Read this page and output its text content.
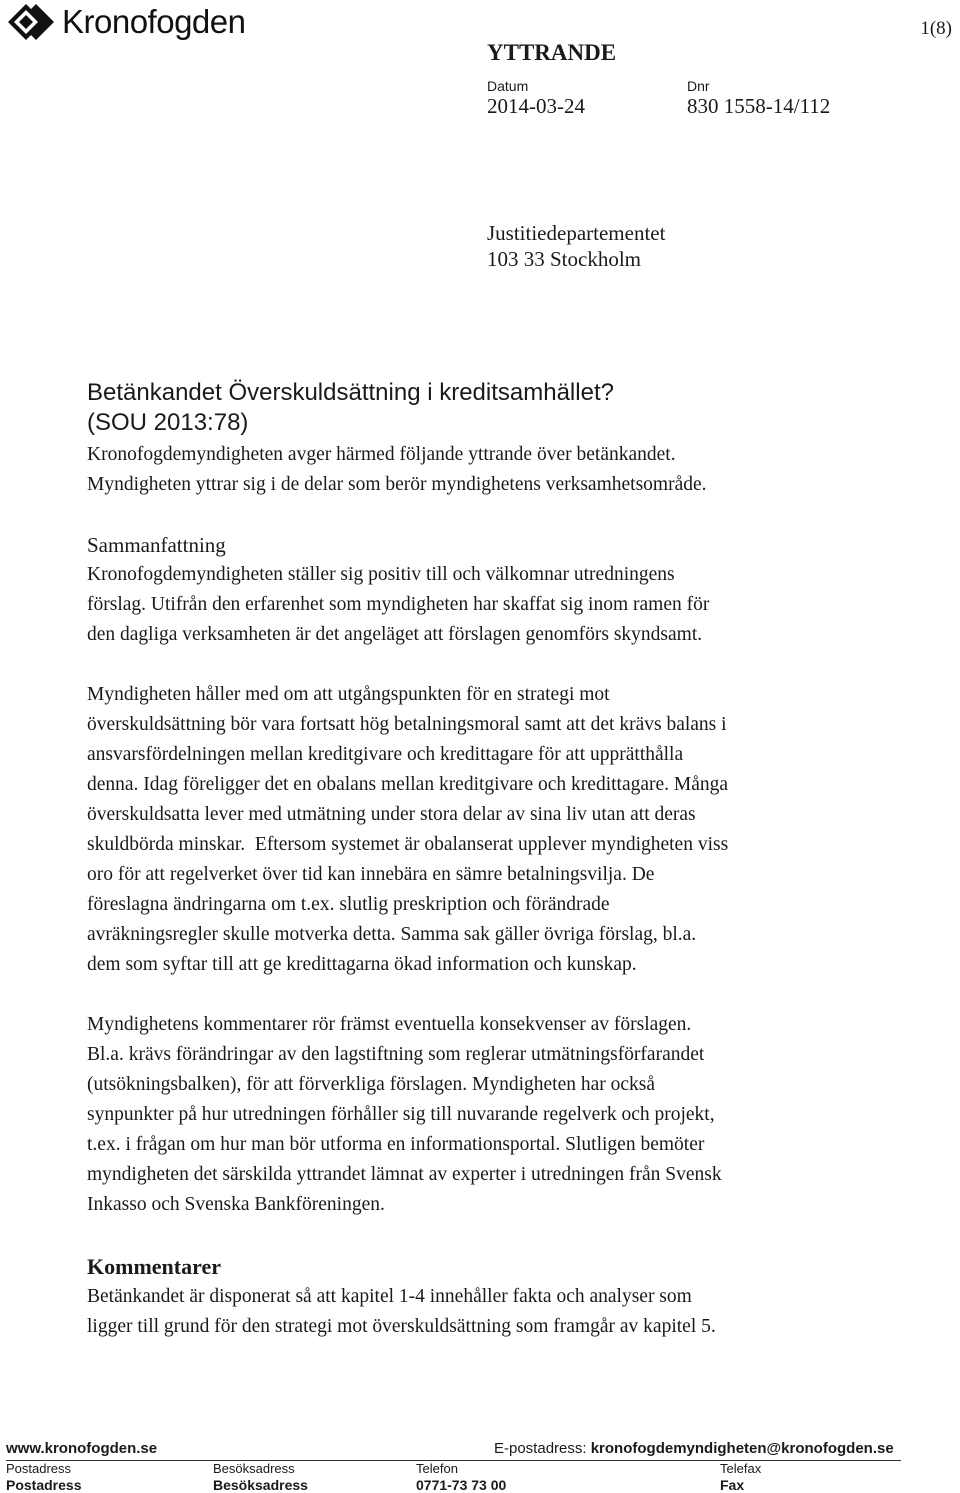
Kronofogden	1(8)
YTTRANDE
Datum
2014-03-24
Dnr
830 1558-14/112
Justitiedepartementet
103 33 Stockholm
Betänkandet Överskuldsättning i kreditsamhället?
(SOU 2013:78)
Kronofogdemyndigheten avger härmed följande yttrande över betänkandet.
Myndigheten yttrar sig i de delar som berör myndighetens verksamhetsområde.
Sammanfattning
Kronofogdemyndigheten ställer sig positiv till och välkomnar utredningens
förslag. Utifrån den erfarenhet som myndigheten har skaffat sig inom ramen för
den dagliga verksamheten är det angeläget att förslagen genomförs skyndsamt.
Myndigheten håller med om att utgångspunkten för en strategi mot
överskuldsättning bör vara fortsatt hög betalningsmoral samt att det krävs balans i
ansvarsfördelningen mellan kreditgivare och kredittagare för att upprätthålla
denna. Idag föreligger det en obalans mellan kreditgivare och kredittagare. Många
överskuldsatta lever med utmätning under stora delar av sina liv utan att deras
skuldbörda minskar.  Eftersom systemet är obalanserat upplever myndigheten viss
oro för att regelverket över tid kan innebära en sämre betalningsvilja. De
föreslagna ändringarna om t.ex. slutlig preskription och förändrade
avräkningsregler skulle motverka detta. Samma sak gäller övriga förslag, bl.a.
dem som syftar till att ge kredittagarna ökad information och kunskap.
Myndighetens kommentarer rör främst eventuella konsekvenser av förslagen.
Bl.a. krävs förändringar av den lagstiftning som reglerar utmätningsförfarandet
(utsökningsbalken), för att förverkliga förslagen. Myndigheten har också
synpunkter på hur utredningen förhåller sig till nuvarande regelverk och projekt,
t.ex. i frågan om hur man bör utforma en informationsportal. Slutligen bemöter
myndigheten det särskilda yttrandet lämnat av experter i utredningen från Svensk
Inkasso och Svenska Bankföreningen.
Kommentarer
Betänkandet är disponerat så att kapitel 1-4 innehåller fakta och analyser som
ligger till grund för den strategi mot överskuldsättning som framgår av kapitel 5.
www.kronofogden.se	E-postadress: kronofogdemyndigheten@kronofogden.se
Postadress	Besöksadress	Telefon	Telefax
Postadress	Besöksadress	0771-73 73 00	Fax
